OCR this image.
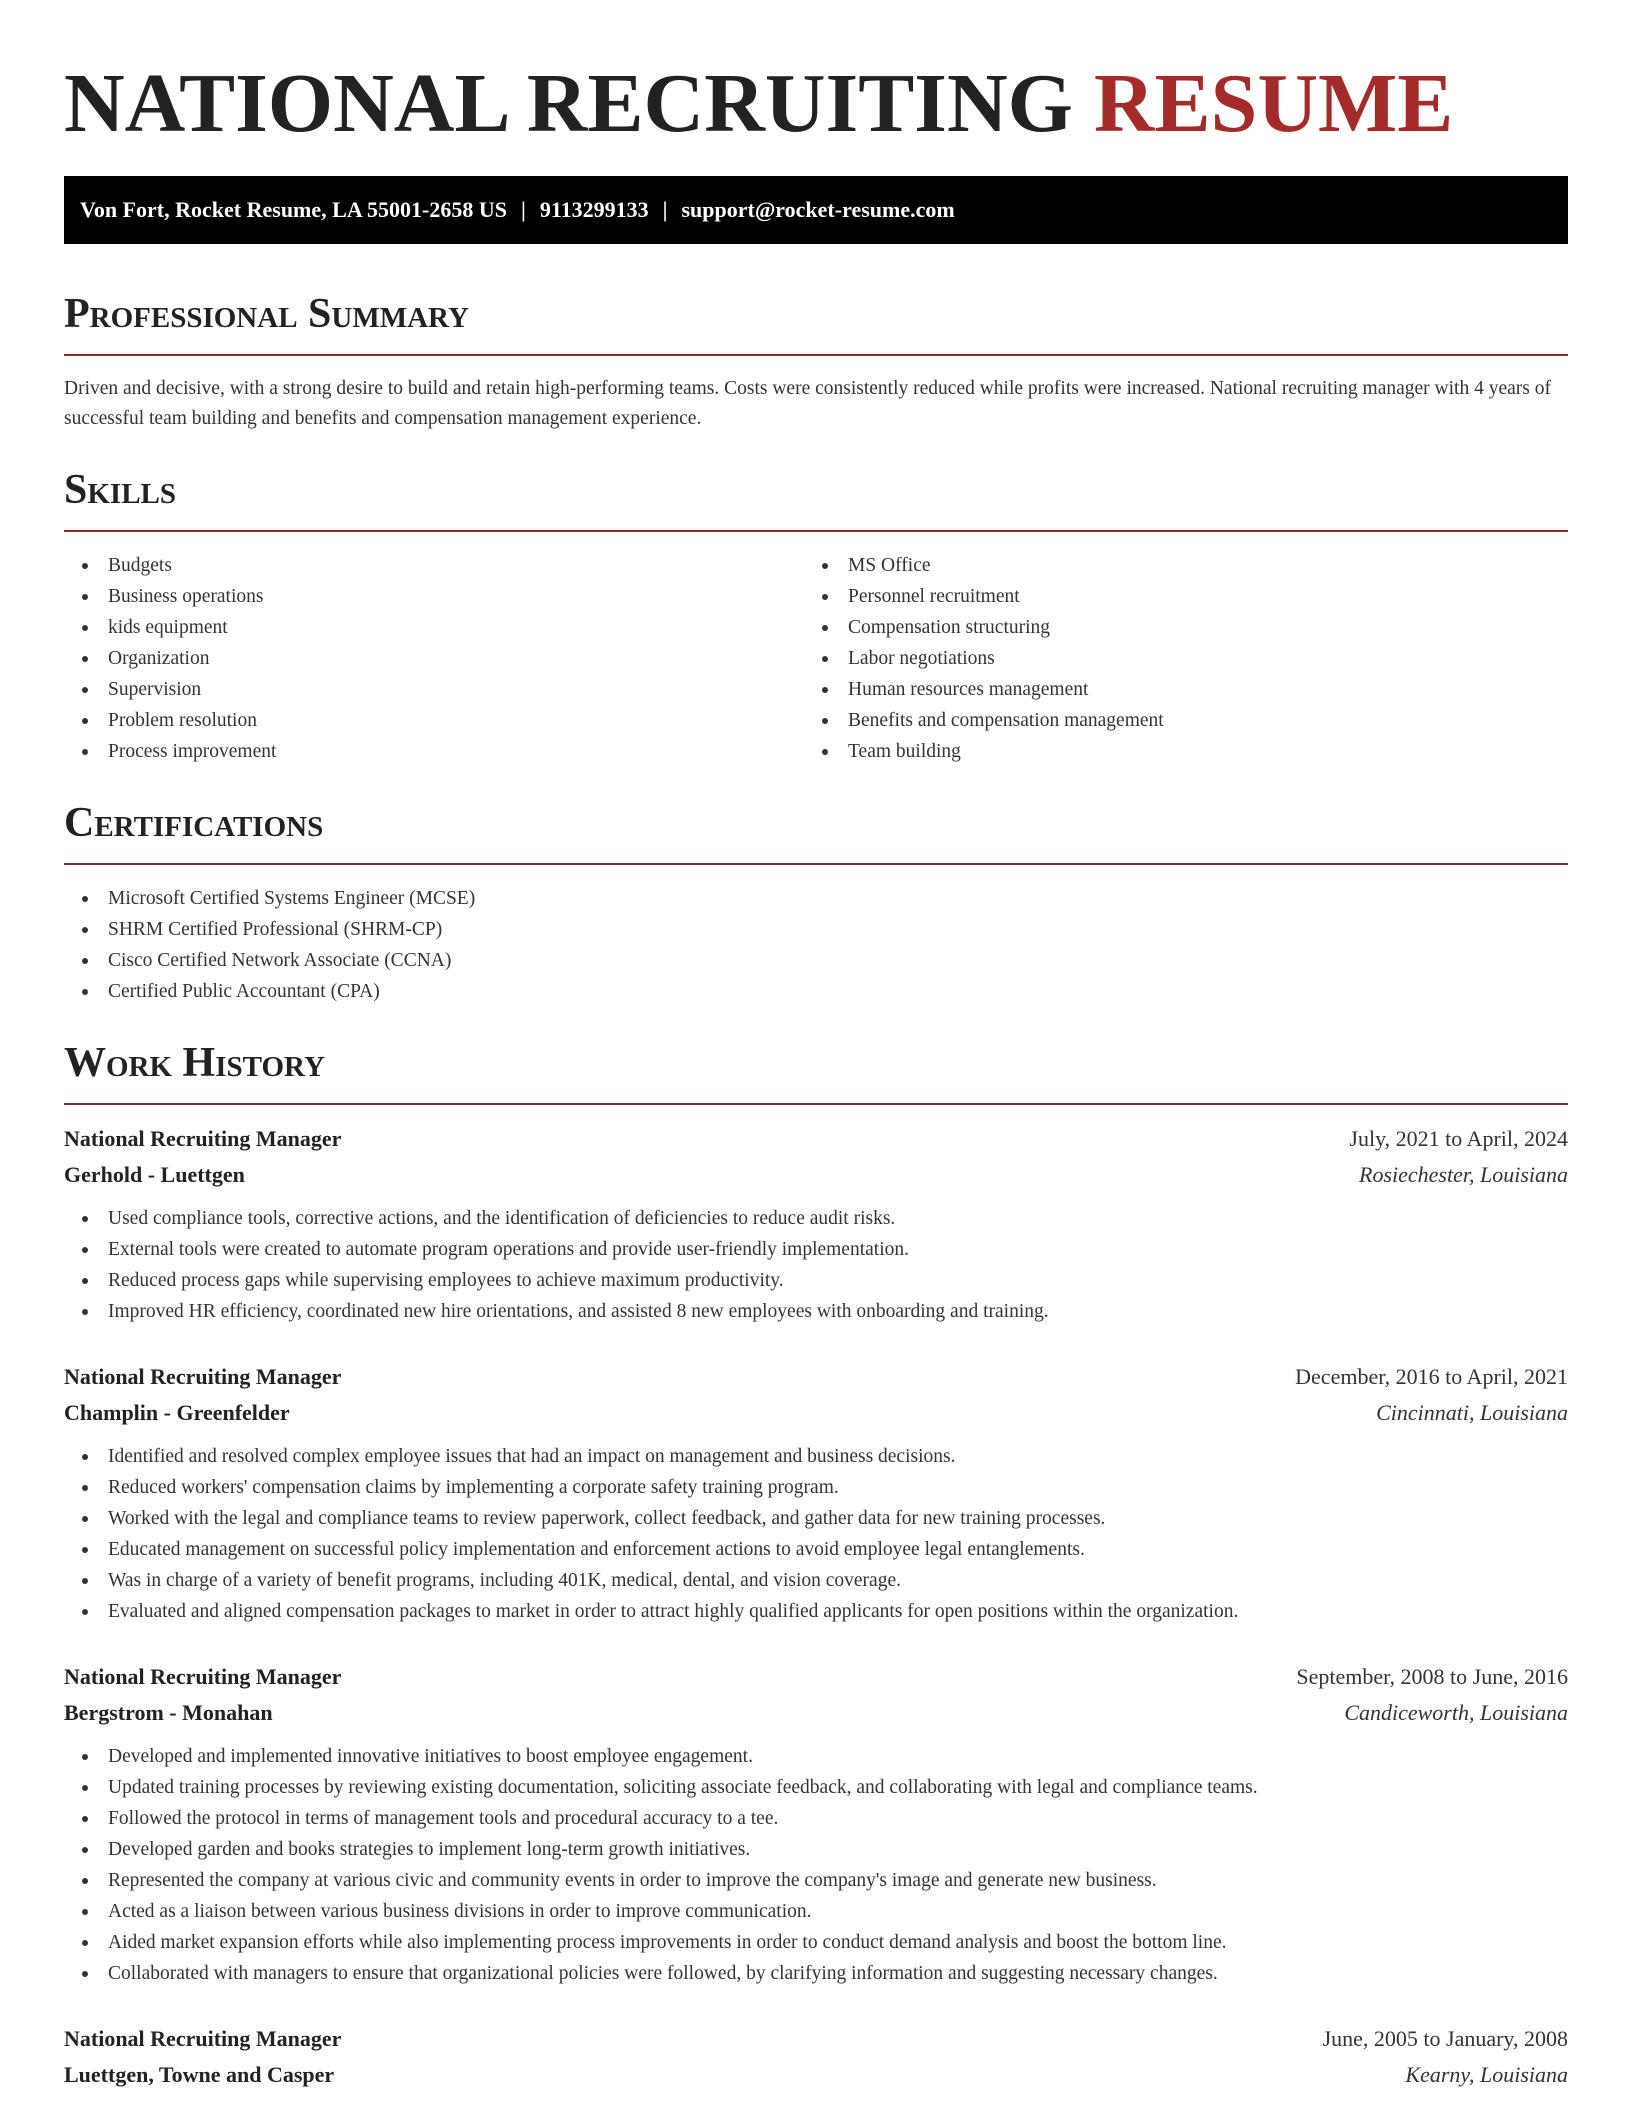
NATIONAL RECRUITING RESUME
Von Fort, Rocket Resume, LA 55001-2658 US | 9113299133 | support@rocket-resume.com
Professional Summary

Driven and decisive, with a strong desire to build and retain high-performing teams. Costs were consistently reduced while profits were increased. National recruiting manager with 4 years of successful team building and benefits and compensation management experience.

Skills
Budgets
Business operations
kids equipment
Organization
Supervision
Problem resolution
Process improvement
MS Office
Personnel recruitment
Compensation structuring
Labor negotiations
Human resources management
Benefits and compensation management
Team building
Certifications
Microsoft Certified Systems Engineer (MCSE)
SHRM Certified Professional (SHRM-CP)
Cisco Certified Network Associate (CCNA)
Certified Public Accountant (CPA)
Work History
National Recruiting Manager	July, 2021 to April, 2024
Gerhold - Luettgen	Rosiechester, Louisiana
Used compliance tools, corrective actions, and the identification of deficiencies to reduce audit risks.
External tools were created to automate program operations and provide user-friendly implementation.
Reduced process gaps while supervising employees to achieve maximum productivity.
Improved HR efficiency, coordinated new hire orientations, and assisted 8 new employees with onboarding and training.
National Recruiting Manager	December, 2016 to April, 2021
Champlin - Greenfelder	Cincinnati, Louisiana
Identified and resolved complex employee issues that had an impact on management and business decisions.
Reduced workers' compensation claims by implementing a corporate safety training program.
Worked with the legal and compliance teams to review paperwork, collect feedback, and gather data for new training processes.
Educated management on successful policy implementation and enforcement actions to avoid employee legal entanglements.
Was in charge of a variety of benefit programs, including 401K, medical, dental, and vision coverage.
Evaluated and aligned compensation packages to market in order to attract highly qualified applicants for open positions within the organization.
National Recruiting Manager	September, 2008 to June, 2016
Bergstrom - Monahan	Candiceworth, Louisiana
Developed and implemented innovative initiatives to boost employee engagement.
Updated training processes by reviewing existing documentation, soliciting associate feedback, and collaborating with legal and compliance teams.
Followed the protocol in terms of management tools and procedural accuracy to a tee.
Developed garden and books strategies to implement long-term growth initiatives.
Represented the company at various civic and community events in order to improve the company's image and generate new business.
Acted as a liaison between various business divisions in order to improve communication.
Aided market expansion efforts while also implementing process improvements in order to conduct demand analysis and boost the bottom line.
Collaborated with managers to ensure that organizational policies were followed, by clarifying information and suggesting necessary changes.
National Recruiting Manager	June, 2005 to January, 2008
Luettgen, Towne and Casper	Kearny, Louisiana
